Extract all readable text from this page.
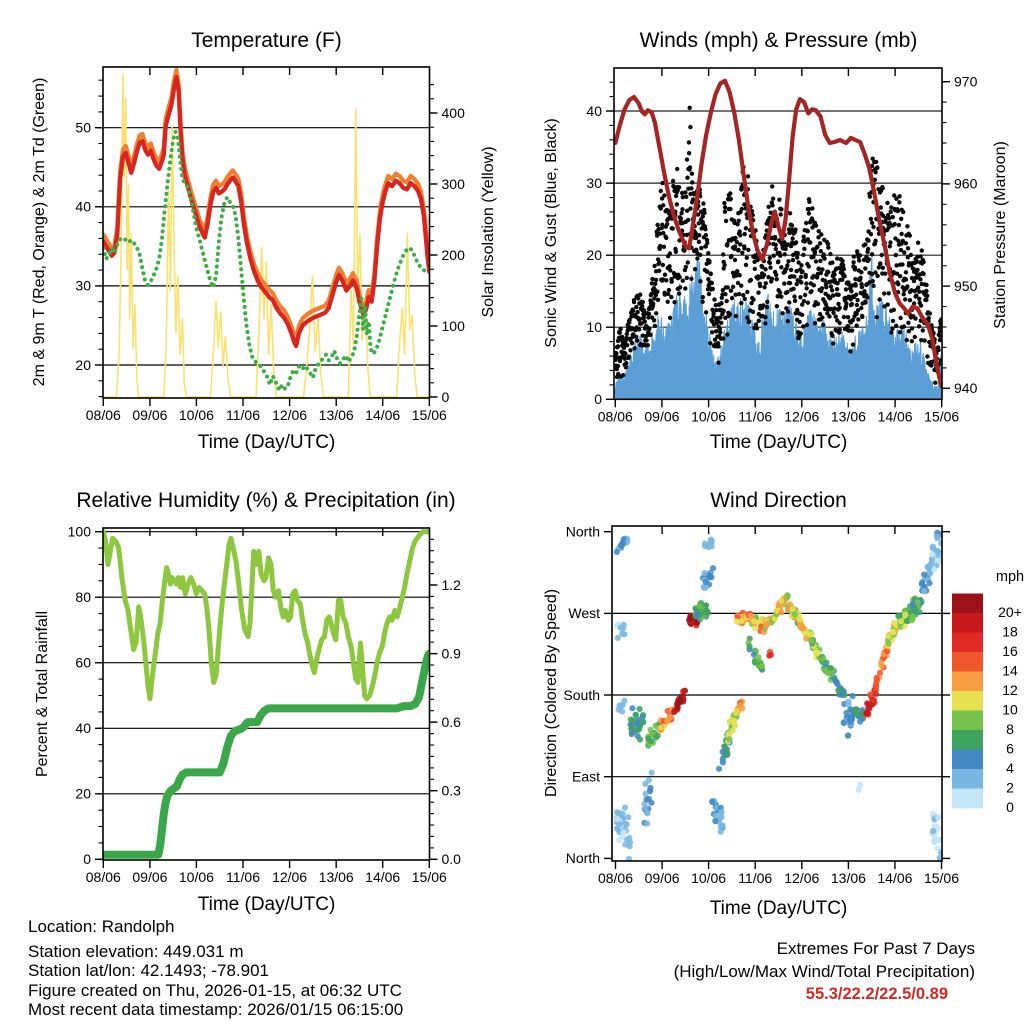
08/06 09/06 10/06 11/06 12/06 13/06 14/06 15/06
20
30
40
50
0
100
200
300
400
08/06 09/06 10/06 11/06 12/06 13/06 14/06 15/06
0
10
20
30
40
940
950
960
970
08/06 09/06 10/06 11/06 12/06 13/06 14/06 15/06
0
20
40
60
80
100
0.0
0.3
0.6
0.9
1.2
08/06 09/06 10/06 11/06 12/06 13/06 14/06 15/06
North
West
South
East
North
20+
18
16
14
12
10
8
6
4
2
0
Temperature (F)	Winds (mph) & Pressure (mb)
Relative Humidity (%) & Precipitation (in)	Wind Direction
Time (Day/UTC)	Time (Day/UTC)
Time (Day/UTC)	Time (Day/UTC)
2m & 9m T (Red, Orange) & 2m Td (Green)	Solar Insolation (Yellow)	Sonic Wind & Gust (Blue, Black)	Station Pressure (Maroon)
Percent & Total Rainfall	Direction (Colored By Speed)
mph
Location: Randolph
Station elevation: 449.031 m
Station lat/lon: 42.1493; -78.901
Figure created on Thu, 2026-01-15, at 06:32 UTC
Most recent data timestamp: 2026/01/15 06:15:00
Extremes For Past 7 Days
(High/Low/Max Wind/Total Precipitation)
55.3/22.2/22.5/0.89
